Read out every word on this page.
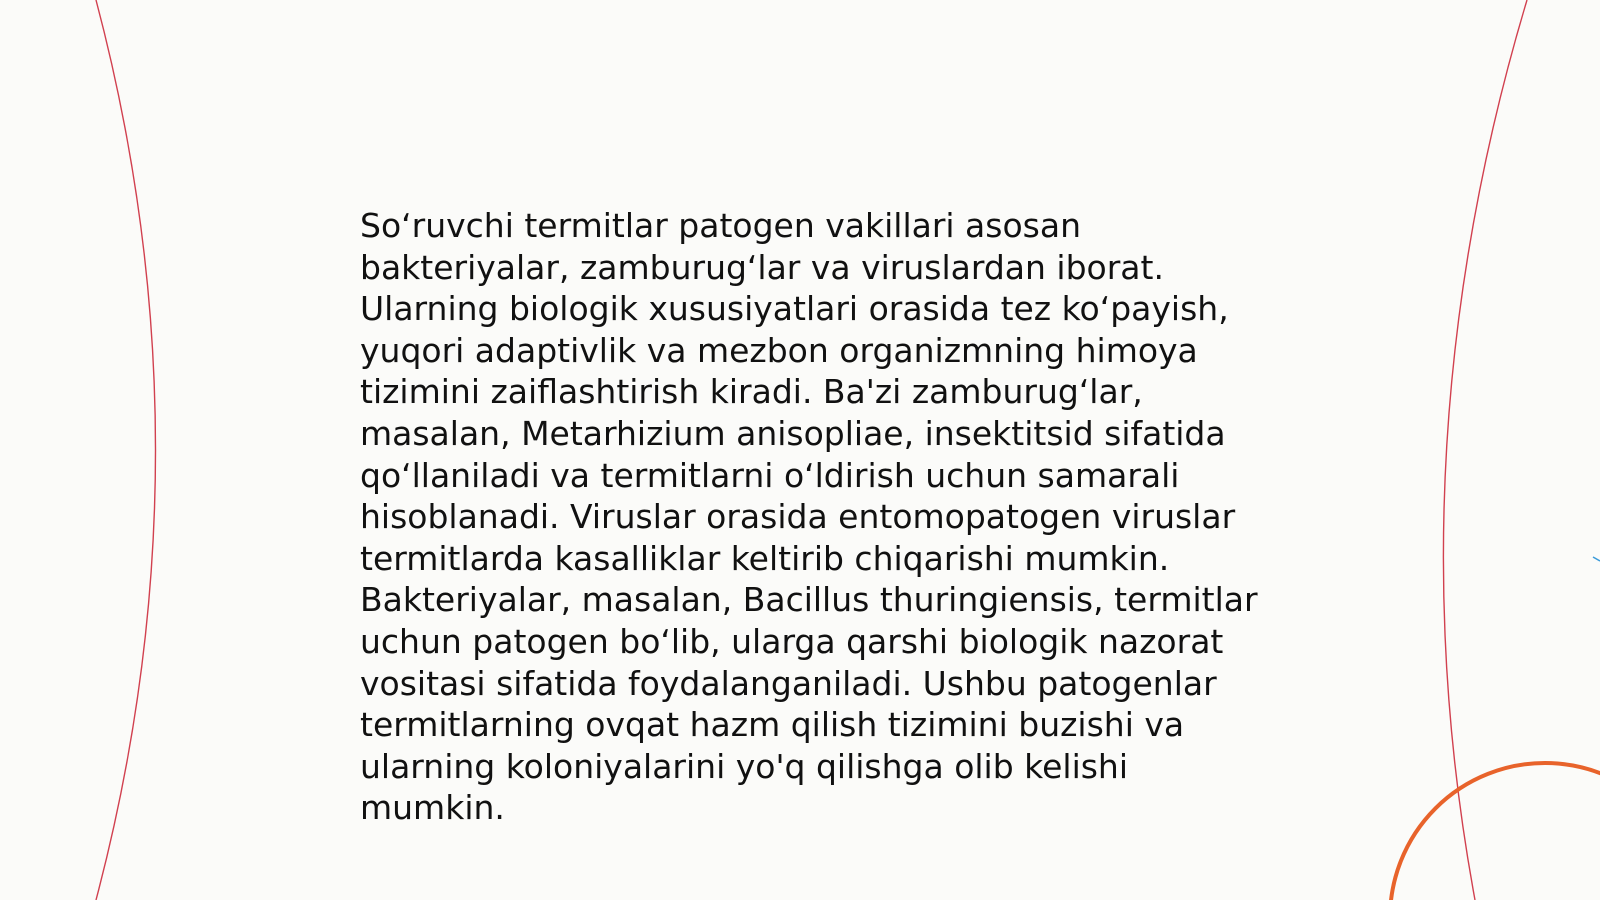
So‘ruvchi termitlar patogen vakillari asosan
bakteriyalar, zamburug‘lar va viruslardan iborat.
Ularning biologik xususiyatlari orasida tez ko‘payish,
yuqori adaptivlik va mezbon organizmning himoya
tizimini zaiflashtirish kiradi. Ba'zi zamburug‘lar,
masalan, Metarhizium anisopliae, insektitsid sifatida
qo‘llaniladi va termitlarni o‘ldirish uchun samarali
hisoblanadi. Viruslar orasida entomopatogen viruslar
termitlarda kasalliklar keltirib chiqarishi mumkin.
Bakteriyalar, masalan, Bacillus thuringiensis, termitlar
uchun patogen bo‘lib, ularga qarshi biologik nazorat
vositasi sifatida foydalanganiladi. Ushbu patogenlar
termitlarning ovqat hazm qilish tizimini buzishi va
ularning koloniyalarini yo'q qilishga olib kelishi
mumkin.
